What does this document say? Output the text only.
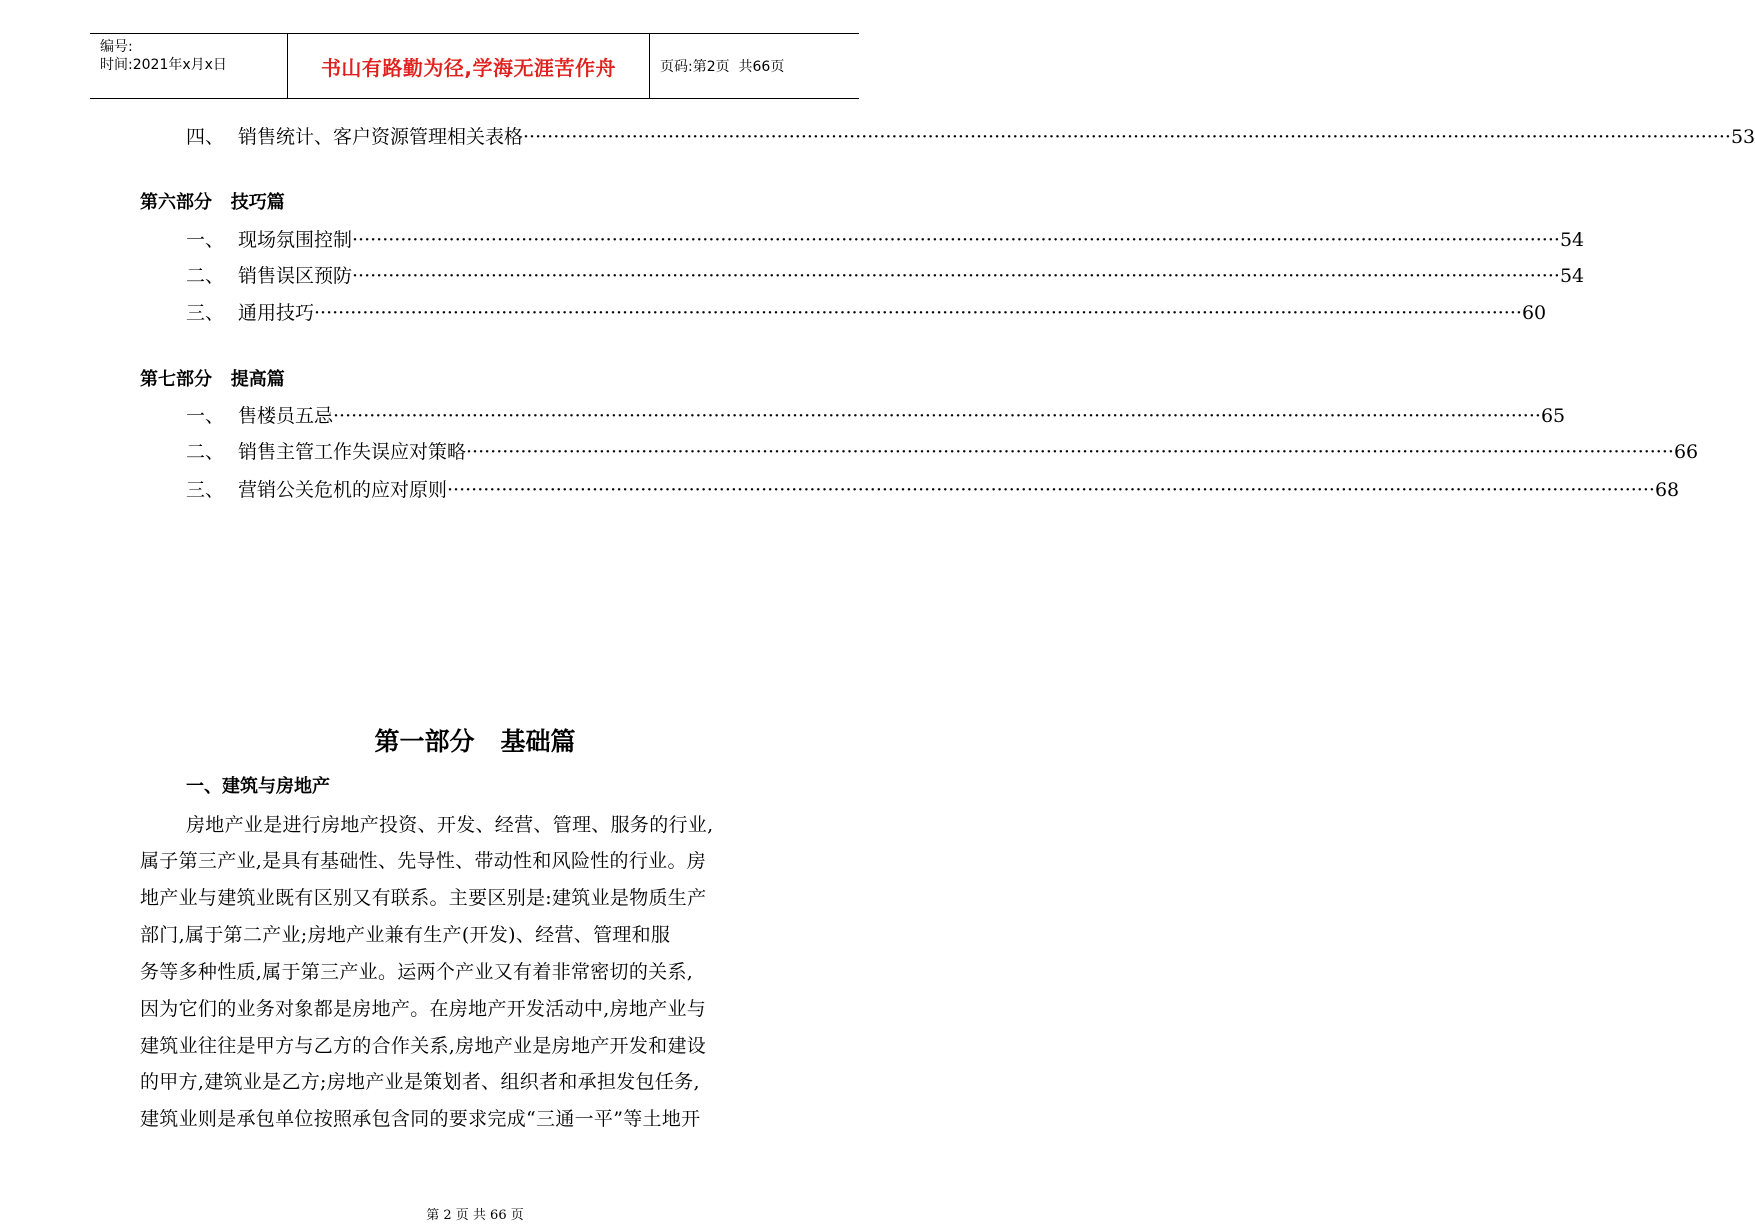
编号:
时间:2021年x月x日	书山有路勤为径,学海无涯苦作舟	页码:第2页  共66页
四、 销售统计、客户资源管理相关表格 ········································································································································································································ 53
第六部分   技巧篇
一、 现场氛围控制 ········································································································································································································ 54
二、 销售误区预防 ········································································································································································································ 54
三、 通用技巧 ········································································································································································································ 60
第七部分   提高篇
一、 售楼员五忌 ········································································································································································································ 65
二、 销售主管工作失误应对策略 ········································································································································································································ 66
三、 营销公关危机的应对原则 ········································································································································································································ 68
第一部分   基础篇
一、建筑与房地产
房地产业是进行房地产投资、开发、经营、管理、服务的行业,
属子第三产业,是具有基础性、先导性、带动性和风险性的行业。房
地产业与建筑业既有区别又有联系。主要区别是:建筑业是物质生产
部门,属于第二产业;房地产业兼有生产(开发)、经营、管理和服
务等多种性质,属于第三产业。运两个产业又有着非常密切的关系,
因为它们的业务对象都是房地产。在房地产开发活动中,房地产业与
建筑业往往是甲方与乙方的合作关系,房地产业是房地产开发和建设
的甲方,建筑业是乙方;房地产业是策划者、组织者和承担发包任务,
建筑业则是承包单位按照承包含同的要求完成“三通一平”等土地开
第 2 页 共 66 页
